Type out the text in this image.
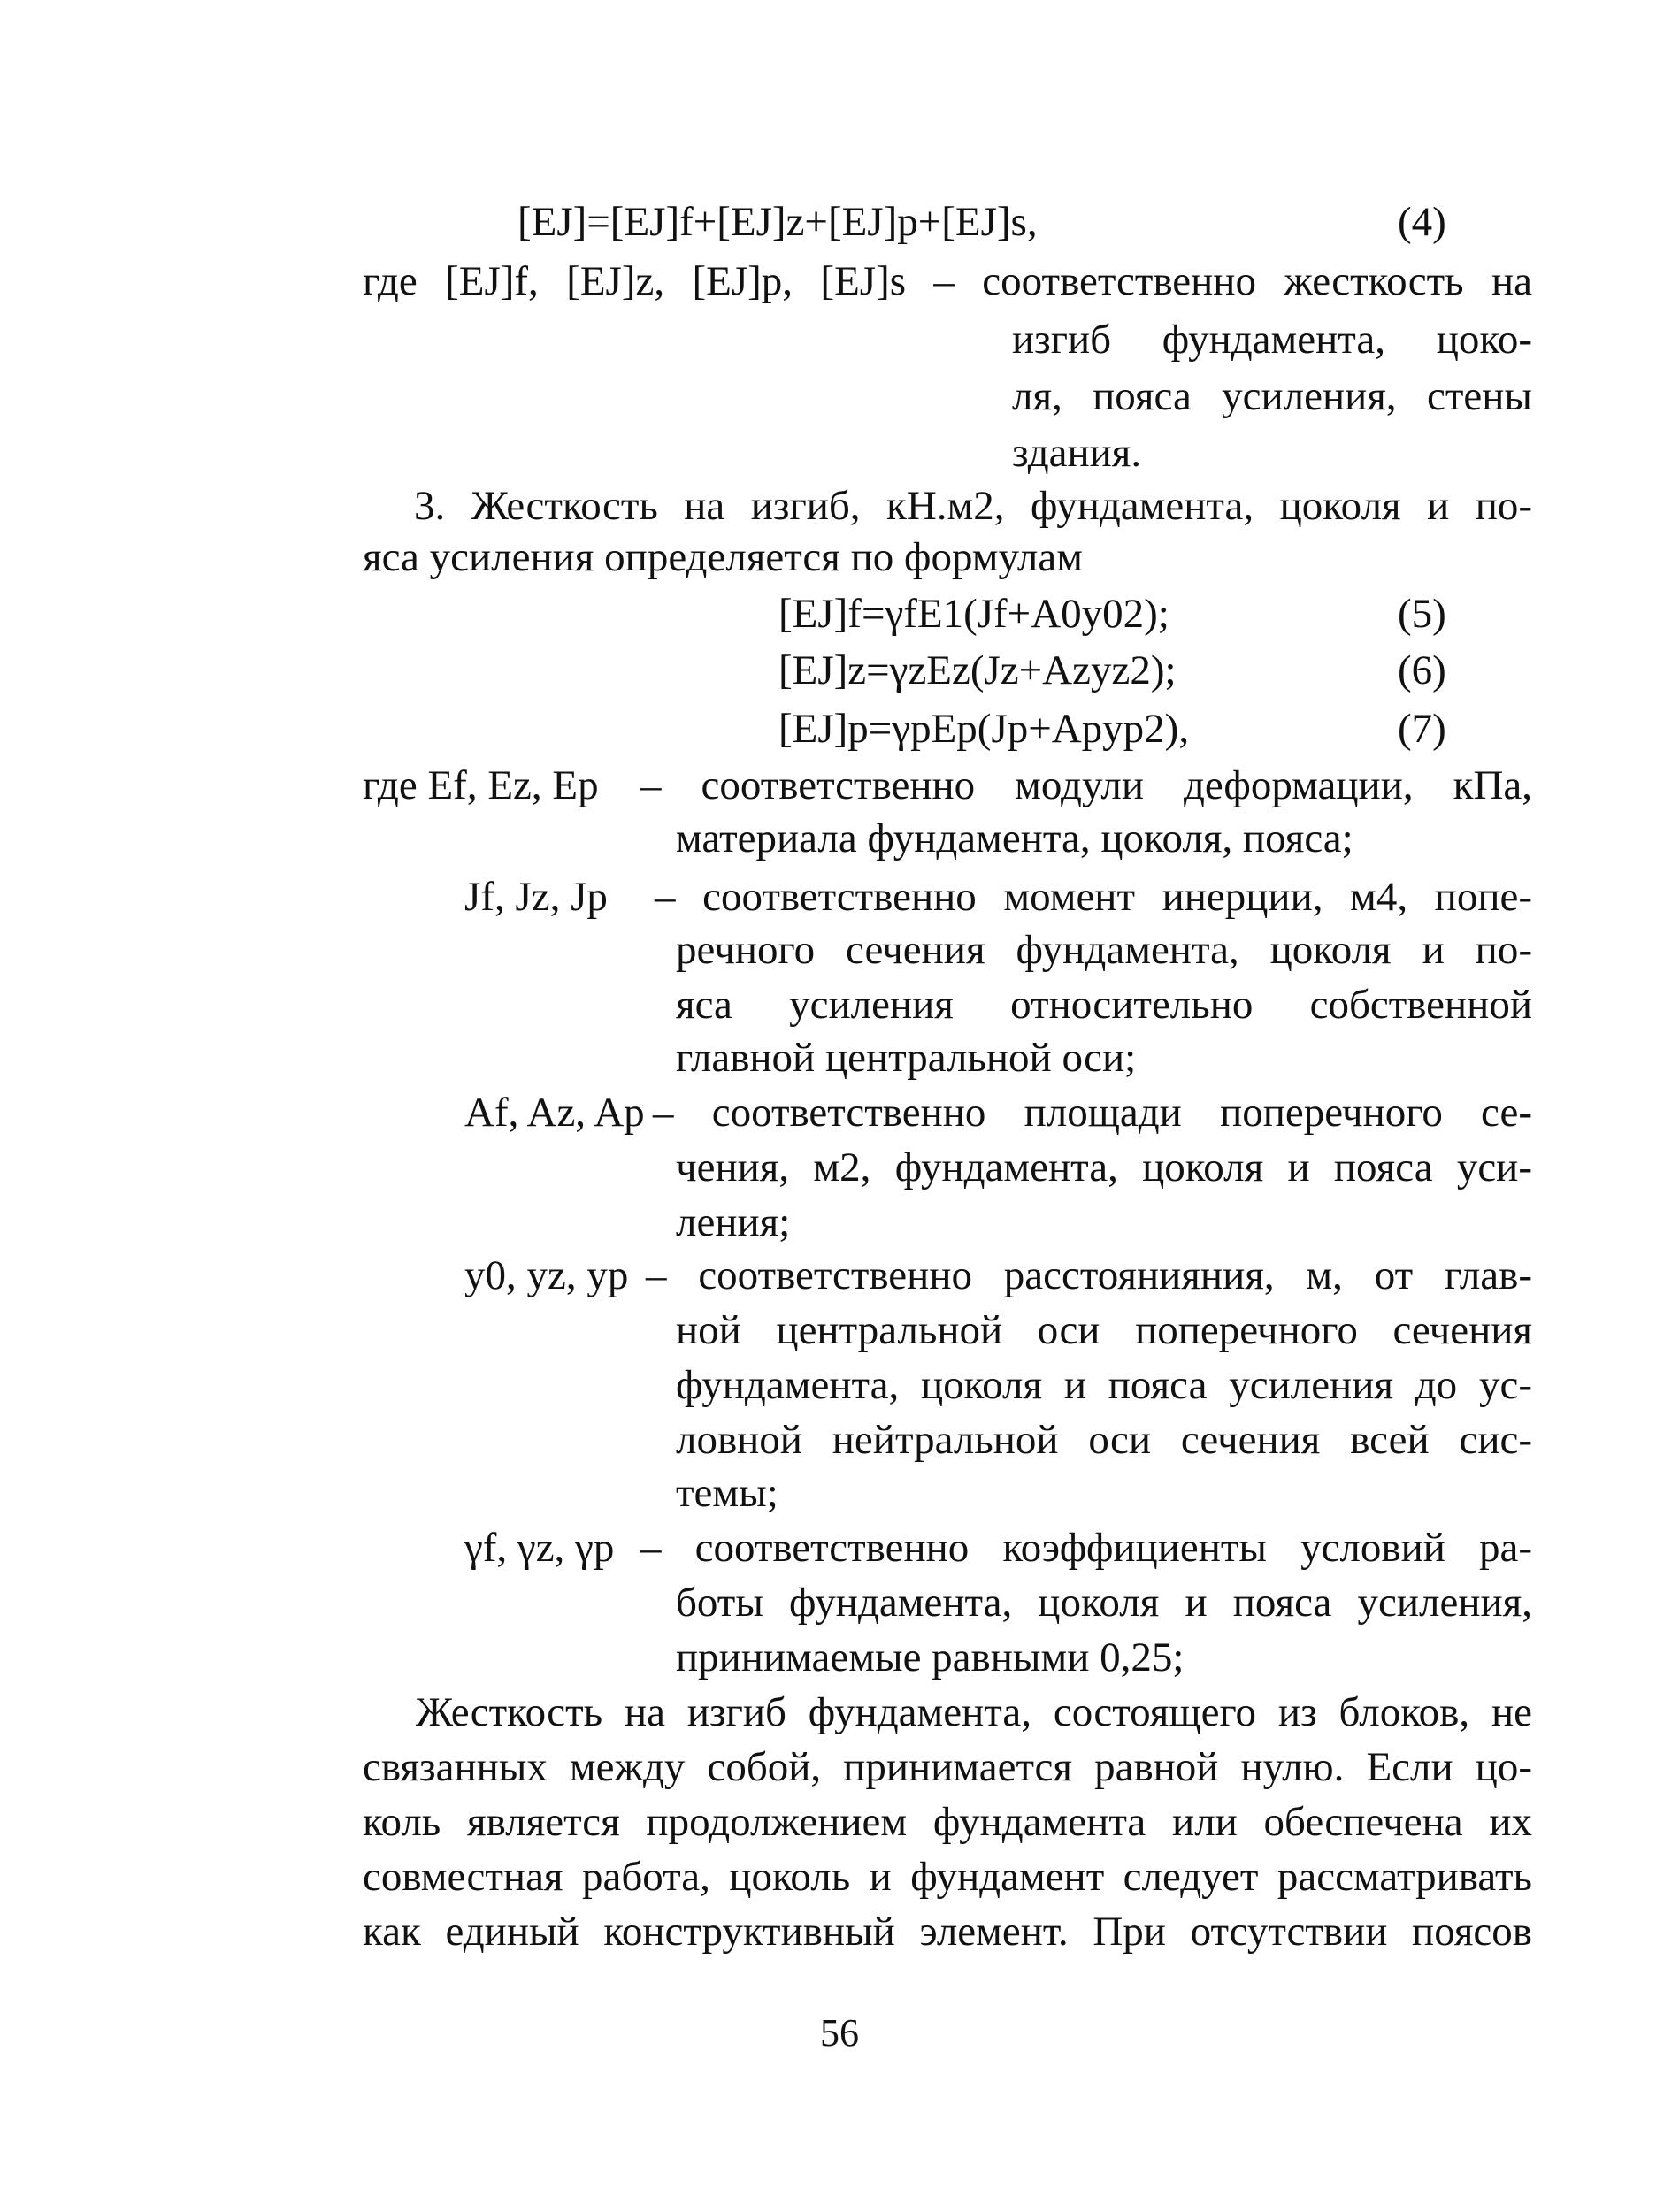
[EJ]=[EJ]f+[EJ]z+[EJ]p+[EJ]s,	(4)
где [EJ]f, [EJ]z, [EJ]p, [EJ]s – соответственно жесткость на
изгиб фундамента, цоко-
ля, пояса усиления, стены
здания.
3. Жесткость на изгиб, кН.м2, фундамента, цоколя и по-
яса усиления определяется по формулам
[EJ]f=γfE1(Jf+A0y02);	(5)
[EJ]z=γzEz(Jz+Azyz2);	(6)
[EJ]p=γpEp(Jp+Apyp2),	(7)
где Ef, Ez, Ep – соответственно модули деформации, кПа,
материала фундамента, цоколя, пояса;
Jf, Jz, Jp – соответственно момент инерции, м4, попе-
речного сечения фундамента, цоколя и по-
яса усиления относительно собственной
главной центральной оси;
Af, Az, Ap – соответственно площади поперечного се-
чения, м2, фундамента, цоколя и пояса уси-
ления;
y0, yz, yp – соответственно расстоянияния, м, от глав-
ной центральной оси поперечного сечения
фундамента, цоколя и пояса усиления до ус-
ловной нейтральной оси сечения всей сис-
темы;
γf, γz, γp – соответственно коэффициенты условий ра-
боты фундамента, цоколя и пояса усиления,
принимаемые равными 0,25;
Жесткость на изгиб фундамента, состоящего из блоков, не
связанных между собой, принимается равной нулю. Если цо-
коль является продолжением фундамента или обеспечена их
совместная работа, цоколь и фундамент следует рассматривать
как единый конструктивный элемент. При отсутствии поясов
56
